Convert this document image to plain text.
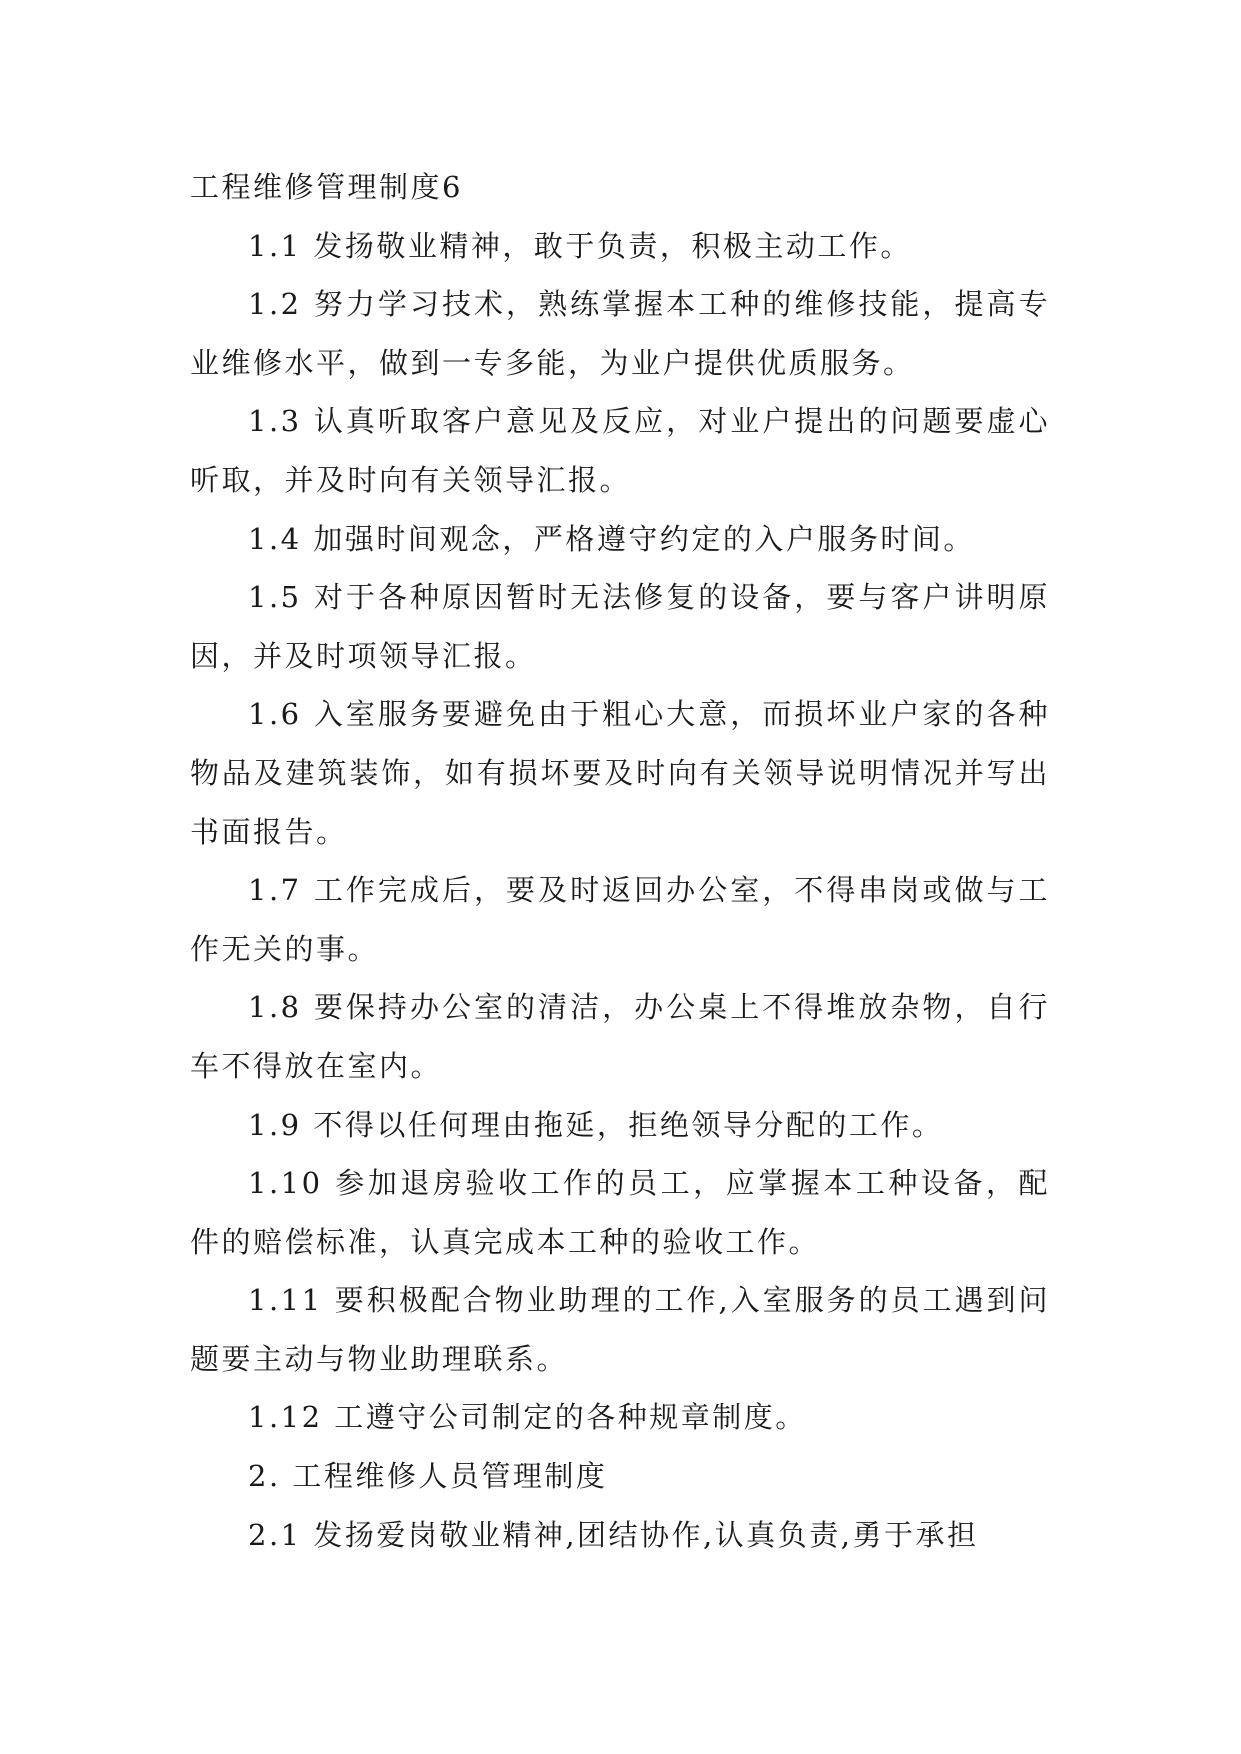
工程维修管理制度6

1.1 发扬敬业精神，敢于负责，积极主动工作。

1.2 努力学习技术，熟练掌握本工种的维修技能，提高专业维修水平，做到一专多能，为业户提供优质服务。

1.3 认真听取客户意见及反应，对业户提出的问题要虚心听取，并及时向有关领导汇报。

1.4 加强时间观念，严格遵守约定的入户服务时间。

1.5 对于各种原因暂时无法修复的设备，要与客户讲明原因，并及时项领导汇报。

1.6 入室服务要避免由于粗心大意，而损坏业户家的各种物品及建筑装饰，如有损坏要及时向有关领导说明情况并写出书面报告。

1.7 工作完成后，要及时返回办公室，不得串岗或做与工作无关的事。

1.8 要保持办公室的清洁，办公桌上不得堆放杂物，自行车不得放在室内。

1.9 不得以任何理由拖延，拒绝领导分配的工作。

1.10 参加退房验收工作的员工，应掌握本工种设备，配件的赔偿标准，认真完成本工种的验收工作。

1.11 要积极配合物业助理的工作,入室服务的员工遇到问题要主动与物业助理联系。

1.12 工遵守公司制定的各种规章制度。

2. 工程维修人员管理制度

2.1 发扬爱岗敬业精神,团结协作,认真负责,勇于承担
